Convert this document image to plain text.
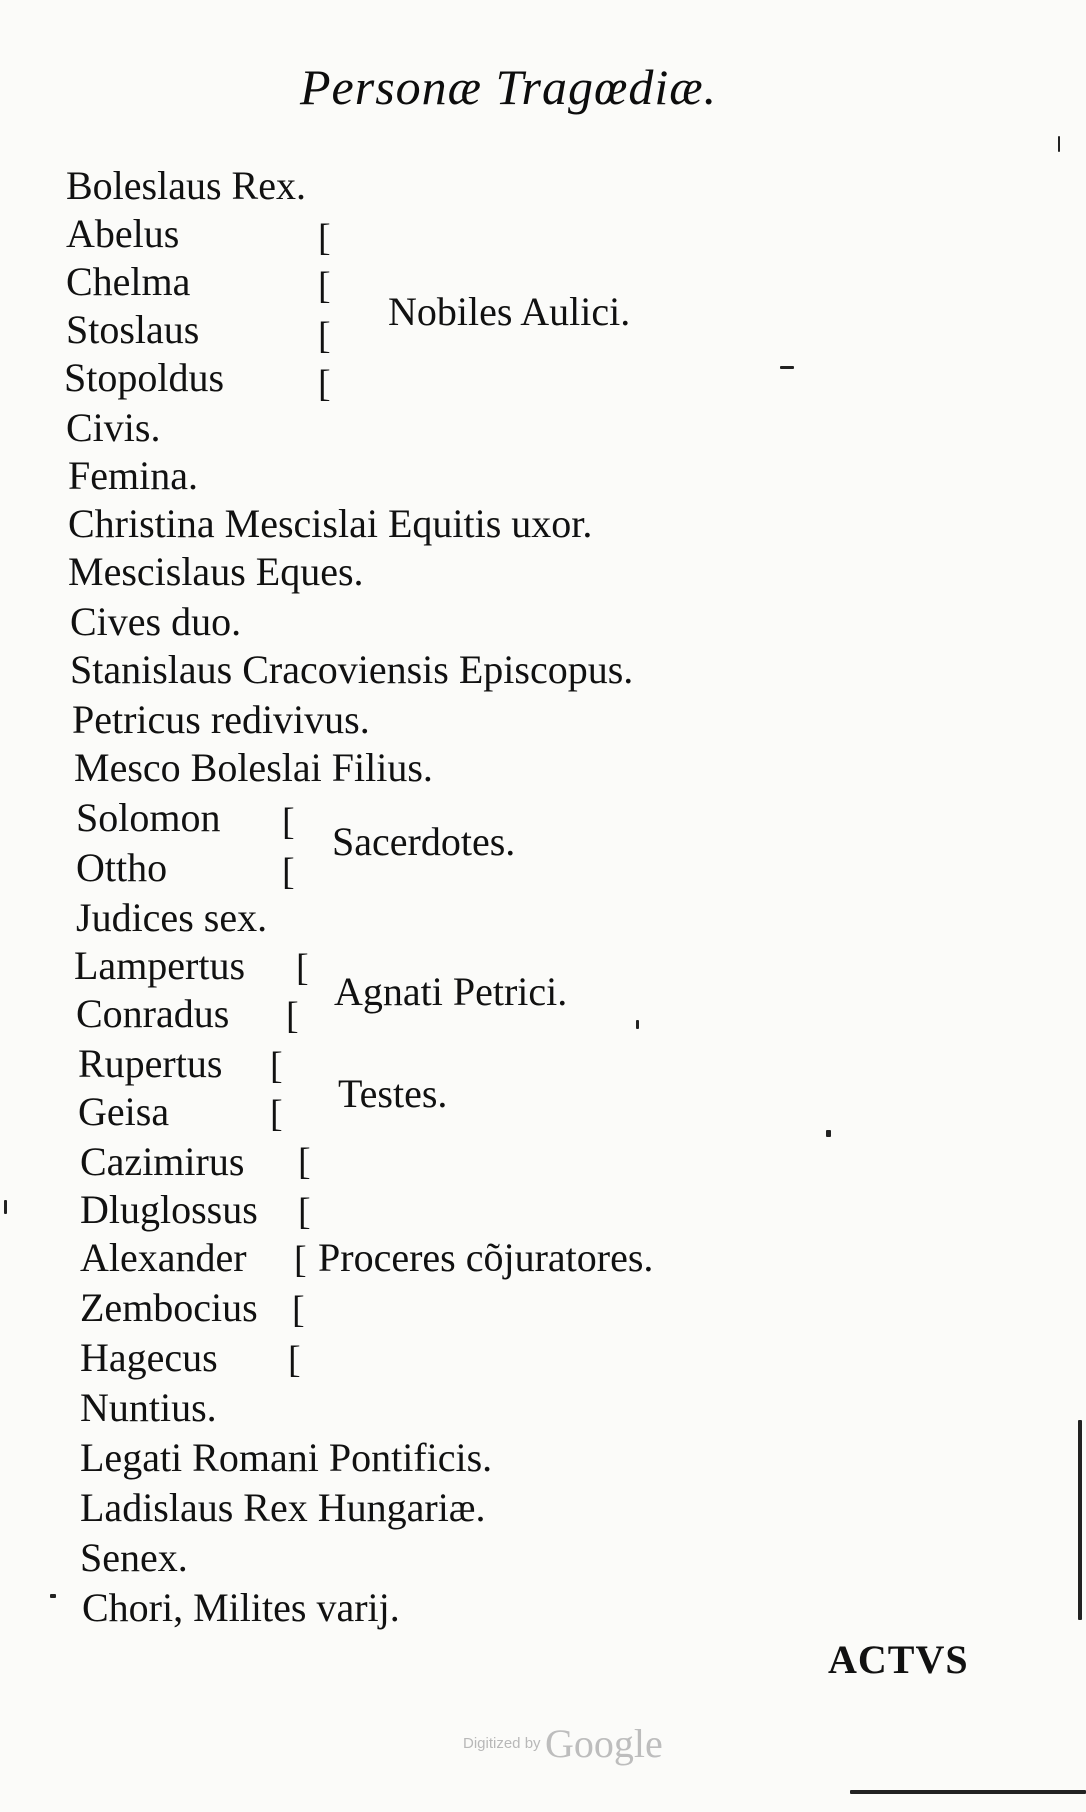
Personæ Tragœdiæ.
Boleslaus Rex.
Abelus
Chelma
Stoslaus
Stopoldus
Civis.
Femina.
Christina Mescislai Equitis uxor.
Mescislaus Eques.
Cives duo.
Stanislaus Cracoviensis Episcopus.
Petricus redivivus.
Mesco Boleslai Filius.
Solomon
Ottho
Judices sex.
Lampertus
Conradus
Rupertus
Geisa
Cazimirus
Dluglossus
Alexander
Zembocius
Hagecus
Nuntius.
Legati Romani Pontificis.
Ladislaus Rex Hungariæ.
Senex.
Chori, Milites varij.
[
[
[
[
Nobiles Aulici.
[
[
Sacerdotes.
[
[
Agnati Petrici.
[
[ Testes.
[
[
[
[
[
Proceres cõjuratores.
ACTVS
Digitized by Google
